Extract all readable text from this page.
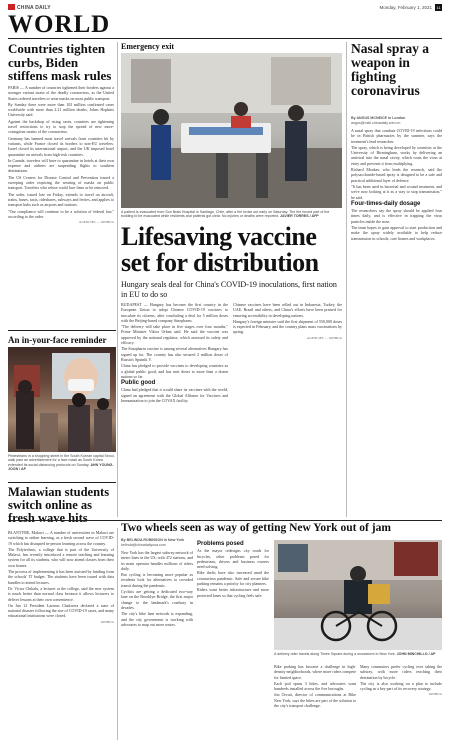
CHINA DAILY	Monday, February 1, 2021 11
WORLD
Countries tighten curbs, Biden stiffens mask rules

PARIS — A number of countries tightened their borders against a stronger variant strain of the deadly coronavirus, as the United States ordered travelers to wear masks on most public transport.

By Sunday there were more than 102 million confirmed cases worldwide with more than 2.21 million deaths, Johns Hopkins University said.

Against the backdrop of rising cases, countries are tightening travel restrictions to try to stop the spread of new more-contagious strains of the coronavirus.

Germany has banned most travel arrivals from countries hit by variants, while France closed its borders to non-EU travelers. Israel closed its international airport, and the UK imposed hotel quarantine on arrivals from high-risk countries.

In Canada, travelers will have to quarantine in hotels at their own expense and airlines are suspending flights to southern destinations.

The US Centers for Disease Control and Prevention issued a sweeping order requiring the wearing of masks on public transport. Travelers who refuse could face fines or be removed.

The order, issued late on Friday, extends to travel on aircraft, trains, buses, taxis, rideshares, subways and ferries, and applies to transport hubs such as airports and stations.

"Our compliance will continue to be a solution of federal law," according to the order.

AGENCIES — XINHUA
An in-your-face reminder
Pedestrians in a shopping street in the South Korean capital Seoul, walk past an advertisement for a face mask as South Korea extended its social-distancing protocols on Sunday. AHN YOUNG-JOON / AP
Malawian students switch online as fresh wave hits

BLANTYRE, Malawi — A number of universities in Malawi are switching to online learning, as a fresh second wave of COVID-19 which has disrupted in-person learning across the country.

The Polytechnic, a college that is part of the University of Malawi, has recently introduced a remote teaching and learning system for all its students, who will now attend classes from their own homes.

The process of implementing it has been assisted by funding from the schools' IT budget. The students have been issued with data bundles to attend lectures.

Dr. Victor Chikalu, a lecturer at the college, said the new system is much better than normal class because it allows lecturers to deliver lessons at their own convenience.

On Jan 12 President Lazarus Chakwera declared a state of national disaster following the rise of COVID-19 cases, and many educational institutions were closed.

XINHUA
Emergency exit
A patient is evacuated from Son Brais Hospital in Santiago, Chile, after a fire broke out early on Saturday. The fire forced part of the building to be evacuated while residents and patients got clear. No injuries or deaths were reported. JAVIER TORRES / AFP
Lifesaving vaccine set for distribution
Hungary seals deal for China's COVID-19 inoculations, first nation in EU to do so

BUDAPEST — Hungary has become the first country in the European Union to adopt Chinese COVID-19 vaccines to inoculate its citizens, after concluding a deal for 5 million doses with the Beijing-based company Sinopharm.

"The delivery will take place in five stages over four months," Prime Minister Viktor Orban said. He said the vaccine was approved by the national regulator, which assessed its safety and efficacy.

The Sinopharm vaccine is among several alternatives Hungary has signed up for. The country has also secured 2 million doses of Russia's Sputnik V.

China has pledged to provide vaccines to developing countries as a global public good, and has sent doses to more than a dozen nations so far.

Public good

China had pledged that it would share its vaccines with the world, signed an agreement with the Global Alliance for Vaccines and Immunization to join the COVAX facility.

Chinese vaccines have been rolled out in Indonesia, Turkey, the UAE, Brazil and others, and China's efforts have been praised for ensuring accessibility in developing nations.

Hungary's foreign minister said the first shipment of 550,000 doses is expected in February, and the country plans mass vaccinations by spring.

AGENCIES — XINHUA
Nasal spray a weapon in fighting coronavirus
By ANGUS MCNEICE in London
angus@mail.chinadaily.com.cn

A nasal spray that combats COVID-19 infections could be in British pharmacies by the summer, says the treatment's lead researcher.

The spray, which is being developed by scientists at the University of Birmingham, works by delivering an antiviral into the nasal cavity, which coats the virus at entry and prevents it from multiplying.

Richard Moakes, who leads the research, said the polysaccharide-based spray is designed to be a safe and practical additional layer of defence.

"It has been used in bacterial and wound treatment, and we're now looking at it as a way to stop transmission," he said.

Four-times-daily dosage

The researchers say the spray should be applied four times daily, and is effective in trapping the virus particles inside the nose.

The team hopes to gain approval to start production and make the spray widely available to help reduce transmission in schools, care homes and workplaces.

Two wheels seen as way of getting New York out of jam
By BELINDA ROBINSON in New York
belinda@chinadailyusa.com

New York has the largest subway network of metro lines in the US, with 472 stations, and its main operator handles millions of riders daily.

But cycling is becoming more popular as residents look for alternatives to crowded transit during the pandemic.

Cyclists are getting a dedicated two-way lane on the Brooklyn Bridge, the first major change to the landmark's roadway in decades.

The city's bike lane network is expanding, and the city government is working with advocates to map out more routes.

Problems posed

As the mayor redesigns city roads for bicycles, other problems posed for pedestrians, drivers and business owners need solving.

Bike thefts have also increased amid the coronavirus pandemic. Safe and secure bike parking remains a priority for city planners.

Riders want better infrastructure and more protected lanes so that cycling feels safe.

A delivery rider travels along Times Square during a snowstorm in New York. JOHN MINCHILLO / AP

Bike parking has become a challenge in high-density neighborhoods, where more riders compete for limited space.

Each pod spans 3 bikes, and advocates want hundreds installed across the five boroughs.

Jon Orcutt, director of communications at Bike New York, says the bikes are part of the solution to the city's transport challenge.

Many commuters prefer cycling over taking the subway, with more riders reaching their destination by bicycle.

The city is also working on a plan to include cycling as a key part of its recovery strategy.

XINHUA
